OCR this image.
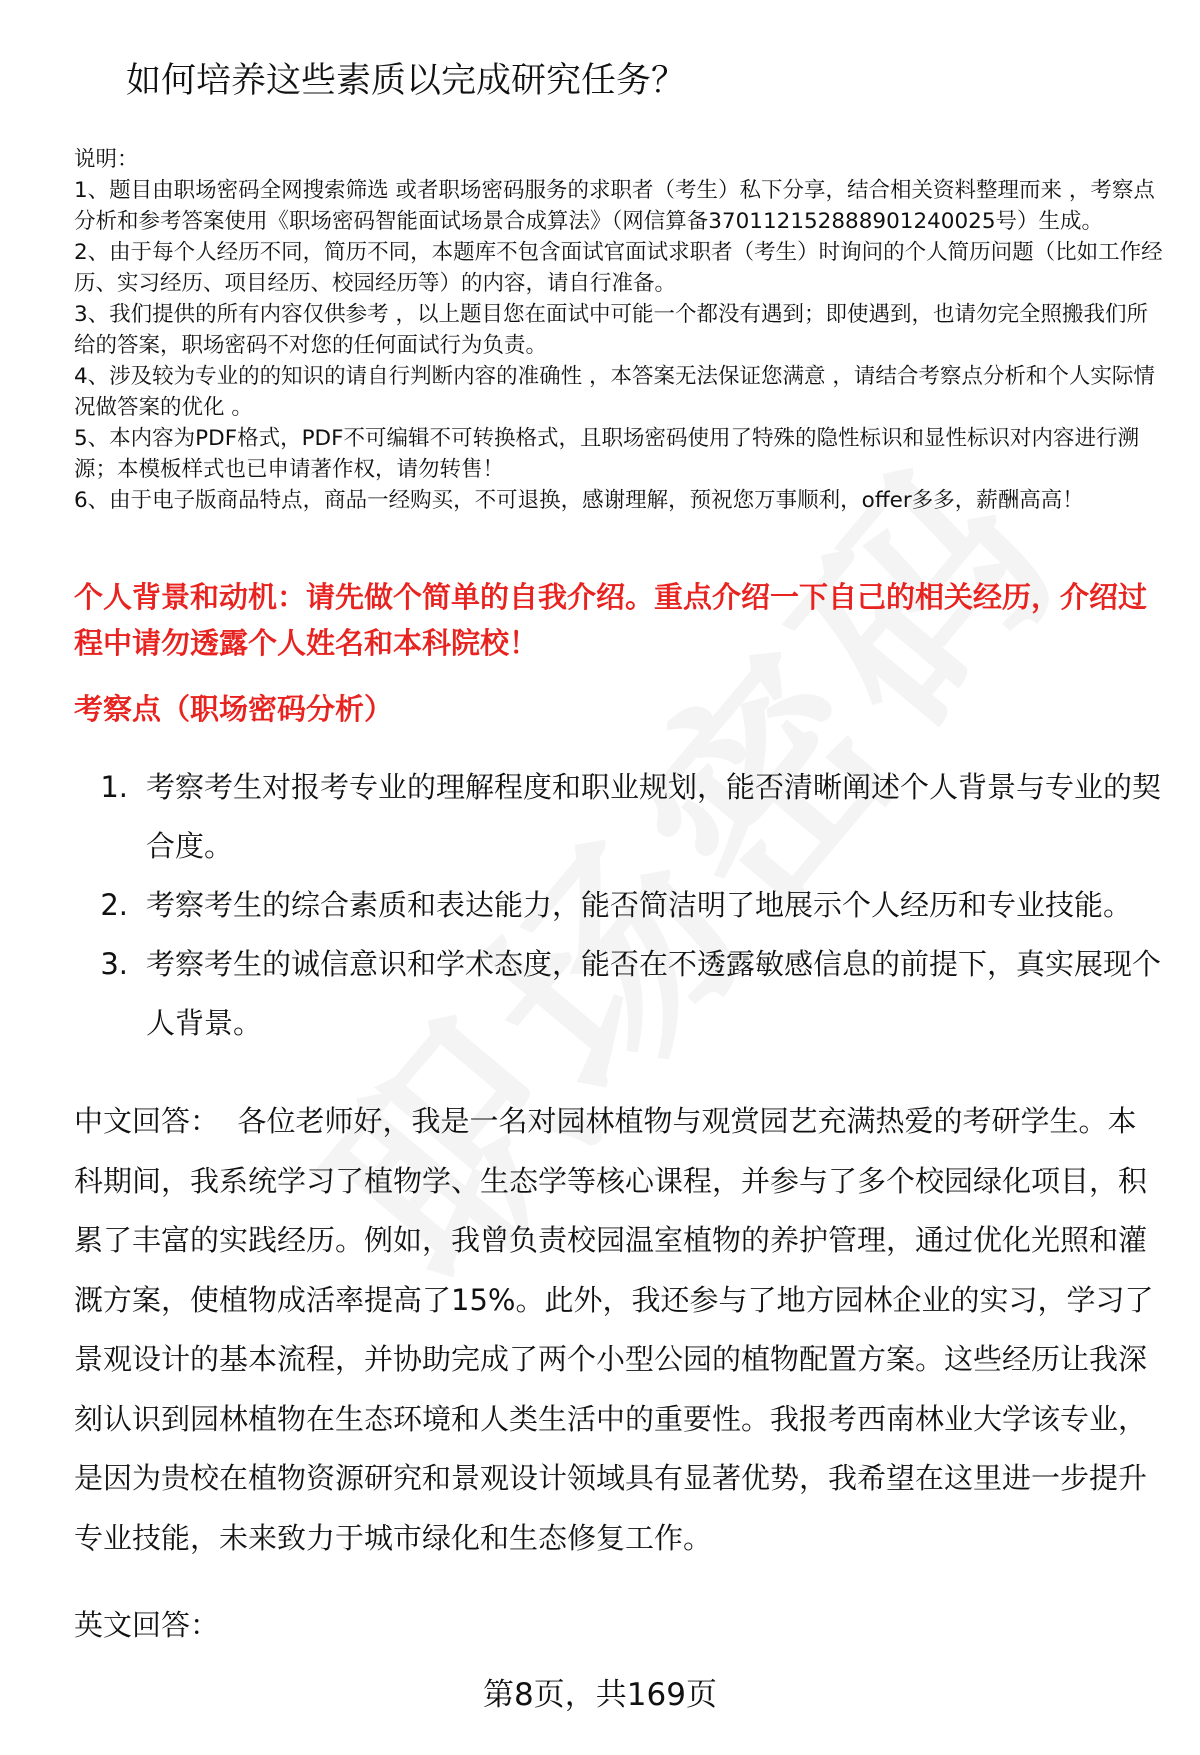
如何培养这些素质以完成研究任务？

说明：

1、题目由职场密码全网搜索筛选 或者职场密码服务的求职者（考生）私下分享，结合相关资料整理而来 ，考察点分析和参考答案使用《职场密码智能面试场景合成算法》（网信算备370112152888901240025号）生成。

2、由于每个人经历不同，简历不同，本题库不包含面试官面试求职者（考生）时询问的个人简历问题（比如工作经历、实习经历、项目经历、校园经历等）的内容，请自行准备。

3、我们提供的所有内容仅供参考 ，以上题目您在面试中可能一个都没有遇到；即使遇到，也请勿完全照搬我们所给的答案，职场密码不对您的任何面试行为负责。

4、涉及较为专业的的知识的请自行判断内容的准确性 ，本答案无法保证您满意 ，请结合考察点分析和个人实际情况做答案的优化 。

5、本内容为PDF格式，PDF不可编辑不可转换格式，且职场密码使用了特殊的隐性标识和显性标识对内容进行溯源；本模板样式也已申请著作权，请勿转售！

6、由于电子版商品特点，商品一经购买，不可退换，感谢理解，预祝您万事顺利，offer多多，薪酬高高！

个人背景和动机：请先做个简单的自我介绍。重点介绍一下自己的相关经历，介绍过程中请勿透露个人姓名和本科院校！

考察点（职场密码分析）

1. 考察考生对报考专业的理解程度和职业规划，能否清晰阐述个人背景与专业的契合度。
2. 考察考生的综合素质和表达能力，能否简洁明了地展示个人经历和专业技能。
3. 考察考生的诚信意识和学术态度，能否在不透露敏感信息的前提下，真实展现个人背景。

中文回答： 各位老师好，我是一名对园林植物与观赏园艺充满热爱的考研学生。本科期间，我系统学习了植物学、生态学等核心课程，并参与了多个校园绿化项目，积累了丰富的实践经历。例如，我曾负责校园温室植物的养护管理，通过优化光照和灌溉方案，使植物成活率提高了15%。此外，我还参与了地方园林企业的实习，学习了景观设计的基本流程，并协助完成了两个小型公园的植物配置方案。这些经历让我深刻认识到园林植物在生态环境和人类生活中的重要性。我报考西南林业大学该专业，是因为贵校在植物资源研究和景观设计领域具有显著优势，我希望在这里进一步提升专业技能，未来致力于城市绿化和生态修复工作。

英文回答：

第8页，共169页
